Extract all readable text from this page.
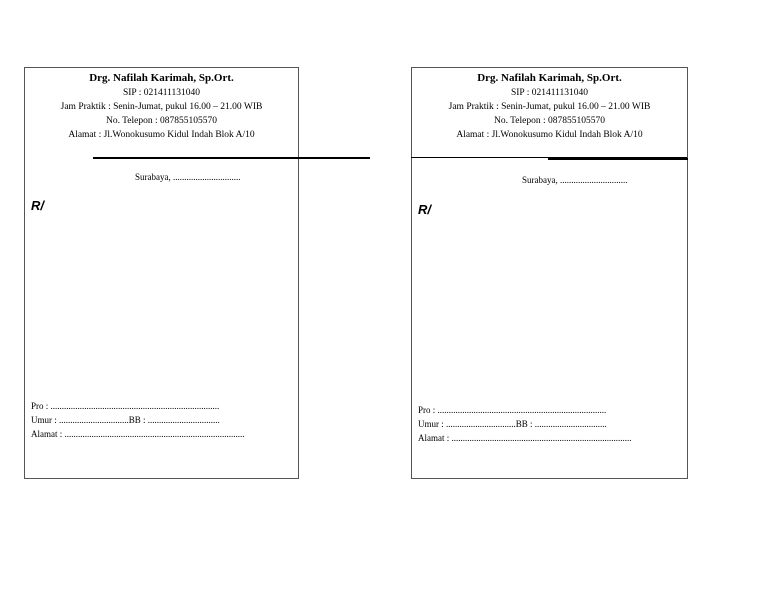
Drg. Nafilah Karimah, Sp.Ort.
SIP : 021411131040
Jam Praktik : Senin-Jumat, pukul 16.00 – 21.00 WIB
No. Telepon : 087855105570
Alamat : Jl.Wonokusumo Kidul Indah Blok A/10
Surabaya, ..............................
R/
Pro : ...........................................................................
Umur : ...............................BB : ................................
Alamat : ................................................................................
Drg. Nafilah Karimah, Sp.Ort.
SIP : 021411131040
Jam Praktik : Senin-Jumat, pukul 16.00 – 21.00 WIB
No. Telepon : 087855105570
Alamat : Jl.Wonokusumo Kidul Indah Blok A/10
Surabaya, ..............................
R/
Pro : ...........................................................................
Umur : ...............................BB : ................................
Alamat : ................................................................................
